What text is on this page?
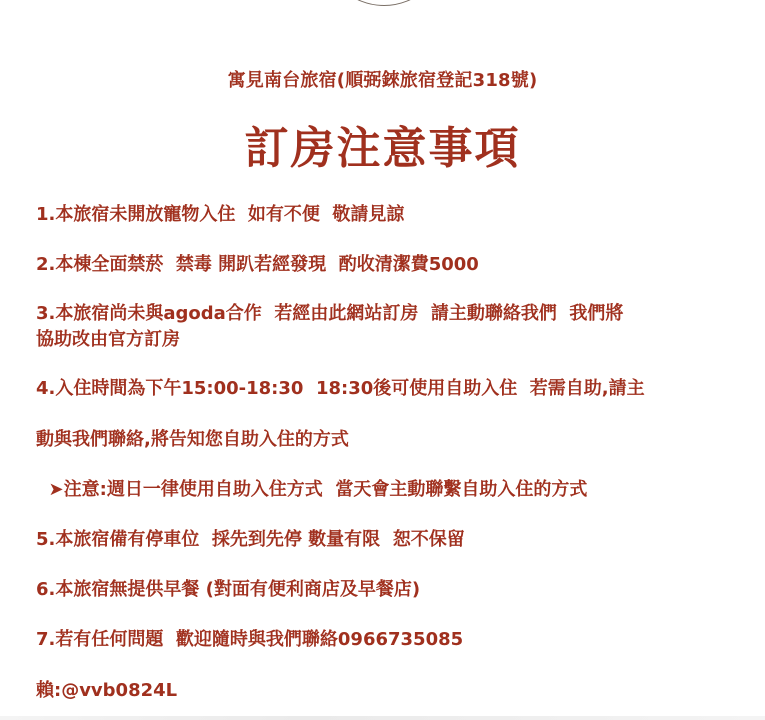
寓見南台旅宿(順弼錸旅宿登記318號)
訂房注意事項
1.本旅宿未開放寵物入住  如有不便  敬請見諒
2.本棟全面禁菸  禁毒 開趴若經發現  酌收清潔費5000
3.本旅宿尚未與agoda合作  若經由此網站訂房  請主動聯絡我們  我們將
協助改由官方訂房
4.入住時間為下午15:00-18:30  18:30後可使用自助入住  若需自助,請主
動與我們聯絡,將告知您自助入住的方式
➤注意:週日一律使用自助入住方式  當天會主動聯繫自助入住的方式
5.本旅宿備有停車位  採先到先停 數量有限  恕不保留
6.本旅宿無提供早餐 (對面有便利商店及早餐店)
7.若有任何問題  歡迎隨時與我們聯絡0966735085
賴:@vvb0824L
